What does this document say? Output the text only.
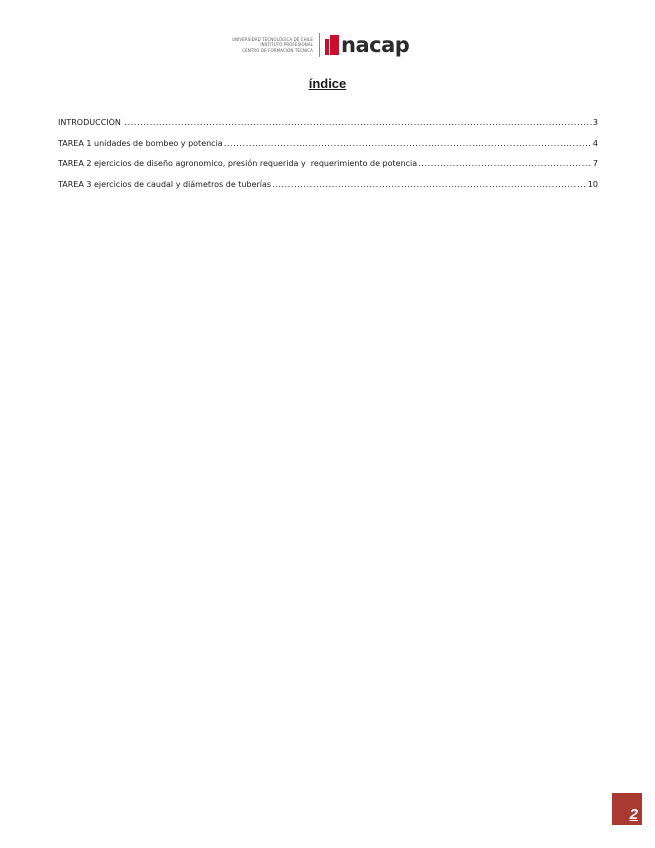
UNIVERSIDAD TECNOLÓGICA DE CHILE
INSTITUTO PROFESIONAL
CENTRO DE FORMACIÓN TÉCNICA nacap
índice
INTRODUCCIÓN .....	3
TAREA 1 unidades de bombeo y potencia .....	4
TAREA 2 ejercicios de diseño agronomico, presión requerida y  requerimiento de potencia .....	7
TAREA 3 ejercicios de caudal y diámetros de tuberías .....	10
2
